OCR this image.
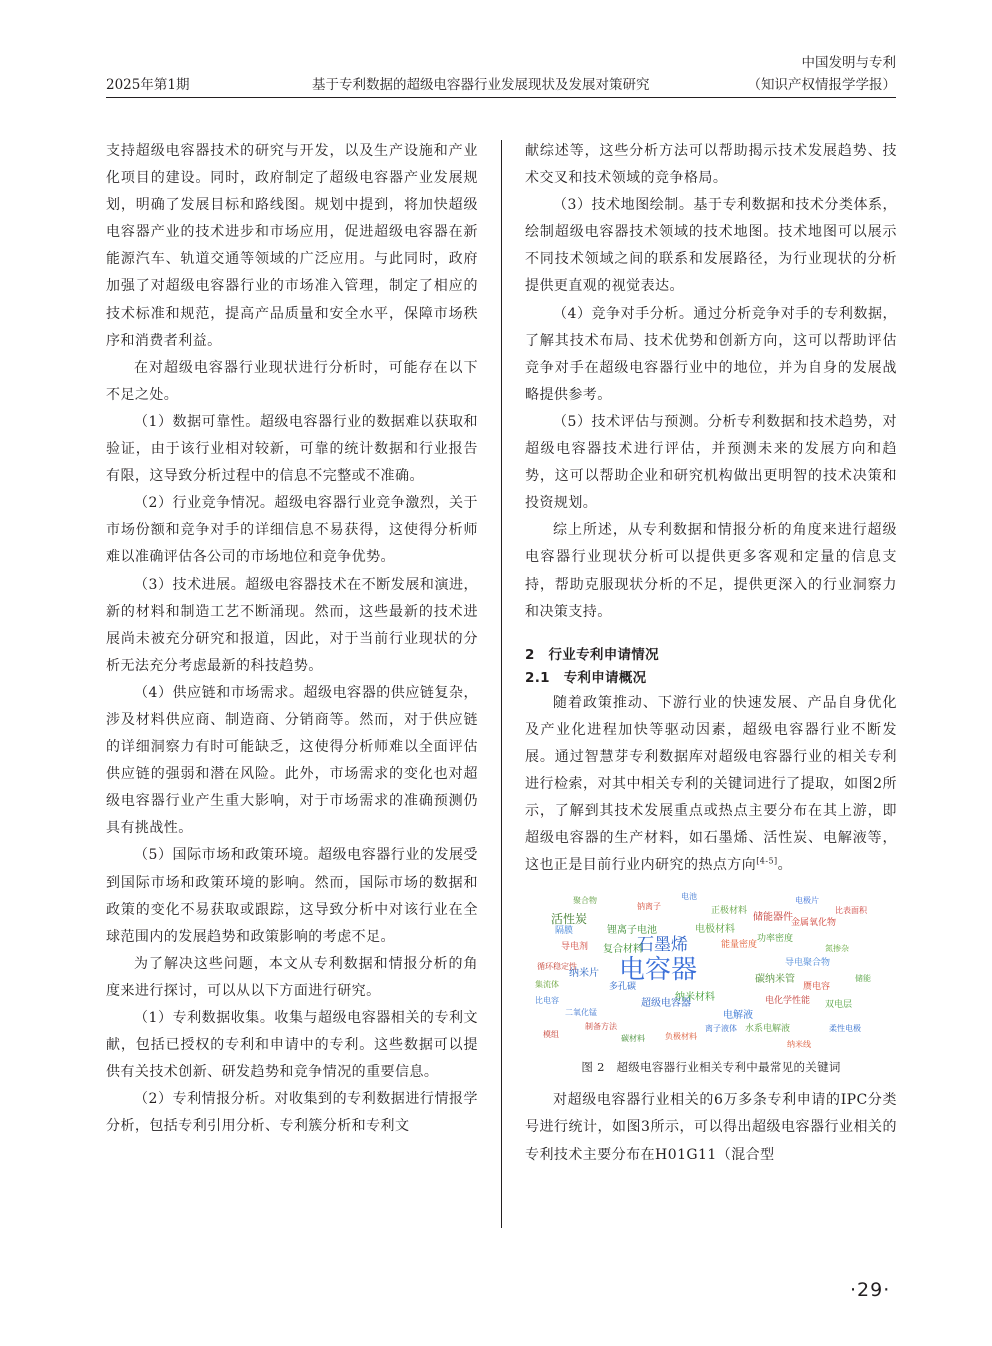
2025年第1期	基于专利数据的超级电容器行业发展现状及发展对策研究
中国发明与专利
（知识产权情报学学报）

支持超级电容器技术的研究与开发，以及生产设施和产业化项目的建设。同时，政府制定了超级电容器产业发展规划，明确了发展目标和路线图。规划中提到，将加快超级电容器产业的技术进步和市场应用，促进超级电容器在新能源汽车、轨道交通等领域的广泛应用。与此同时，政府加强了对超级电容器行业的市场准入管理，制定了相应的技术标准和规范，提高产品质量和安全水平，保障市场秩序和消费者利益。

在对超级电容器行业现状进行分析时，可能存在以下不足之处。

（1）数据可靠性。超级电容器行业的数据难以获取和验证，由于该行业相对较新，可靠的统计数据和行业报告有限，这导致分析过程中的信息不完整或不准确。

（2）行业竞争情况。超级电容器行业竞争激烈，关于市场份额和竞争对手的详细信息不易获得，这使得分析师难以准确评估各公司的市场地位和竞争优势。

（3）技术进展。超级电容器技术在不断发展和演进，新的材料和制造工艺不断涌现。然而，这些最新的技术进展尚未被充分研究和报道，因此，对于当前行业现状的分析无法充分考虑最新的科技趋势。

（4）供应链和市场需求。超级电容器的供应链复杂，涉及材料供应商、制造商、分销商等。然而，对于供应链的详细洞察力有时可能缺乏，这使得分析师难以全面评估供应链的强弱和潜在风险。此外，市场需求的变化也对超级电容器行业产生重大影响，对于市场需求的准确预测仍具有挑战性。

（5）国际市场和政策环境。超级电容器行业的发展受到国际市场和政策环境的影响。然而，国际市场的数据和政策的变化不易获取或跟踪，这导致分析中对该行业在全球范围内的发展趋势和政策影响的考虑不足。

为了解决这些问题，本文从专利数据和情报分析的角度来进行探讨，可以从以下方面进行研究。

（1）专利数据收集。收集与超级电容器相关的专利文献，包括已授权的专利和申请中的专利。这些数据可以提供有关技术创新、研发趋势和竞争情况的重要信息。

（2）专利情报分析。对收集到的专利数据进行情报学分析，包括专利引用分析、专利簇分析和专利文

献综述等，这些分析方法可以帮助揭示技术发展趋势、技术交叉和技术领域的竞争格局。

（3）技术地图绘制。基于专利数据和技术分类体系，绘制超级电容器技术领域的技术地图。技术地图可以展示不同技术领域之间的联系和发展路径，为行业现状的分析提供更直观的视觉表达。

（4）竞争对手分析。通过分析竞争对手的专利数据，了解其技术布局、技术优势和创新方向，这可以帮助评估竞争对手在超级电容器行业中的地位，并为自身的发展战略提供参考。

（5）技术评估与预测。分析专利数据和技术趋势，对超级电容器技术进行评估，并预测未来的发展方向和趋势，这可以帮助企业和研究机构做出更明智的技术决策和投资规划。

综上所述，从专利数据和情报分析的角度来进行超级电容器行业现状分析可以提供更多客观和定量的信息支持，帮助克服现状分析的不足，提供更深入的行业洞察力和决策支持。

2　行业专利申请情况
2.1　专利申请概况

随着政策推动、下游行业的快速发展、产品自身优化及产业化进程加快等驱动因素，超级电容器行业不断发展。通过智慧芽专利数据库对超级电容器行业的相关专利进行检索，对其中相关专利的关键词进行了提取，如图2所示，了解到其技术发展重点或热点主要分布在其上游，即超级电容器的生产材料，如石墨烯、活性炭、电解液等，这也正是目前行业内研究的热点方向[4-5]。

电容器
石墨烯
活性炭
复合材料
纳米片
多孔碳
纳米材料
超级电容器
电解液
电极材料
锂离子电池
碳纳米管
储能器件
正极材料
导电剂
隔膜
集流体
循环稳定性
比电容
能量密度
功率密度
金属氧化物
导电聚合物
赝电容
双电层
柔性电极
电化学性能
水系电解液
离子液体
负极材料
碳材料
制备方法
二氧化锰
氮掺杂
比表面积
电池
钠离子
聚合物	电极片
模组
储能
纳米线
图 2　超级电容器行业相关专利中最常见的关键词

对超级电容器行业相关的6万多条专利申请的IPC分类号进行统计，如图3所示，可以得出超级电容器行业相关的专利技术主要分布在H01G11（混合型

·29·
